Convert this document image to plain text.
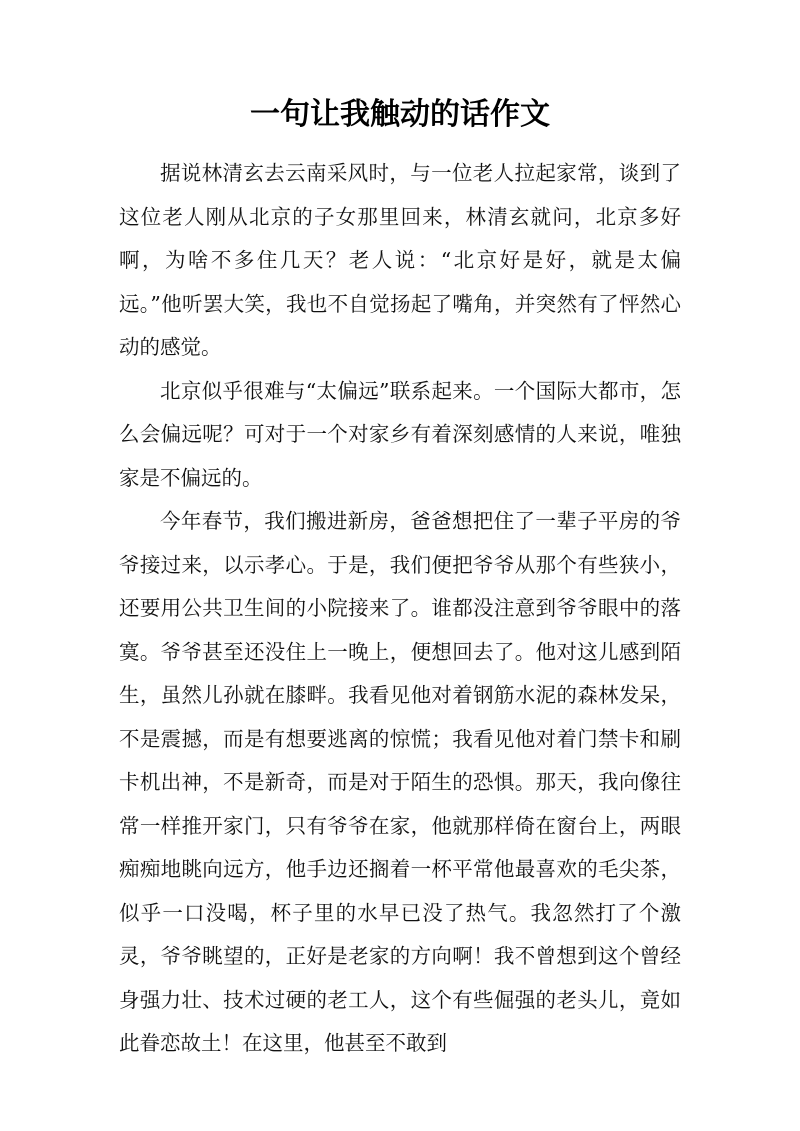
一句让我触动的话作文

据说林清玄去云南采风时，与一位老人拉起家常，谈到了这位老人刚从北京的子女那里回来，林清玄就问，北京多好啊，为啥不多住几天？老人说：“北京好是好，就是太偏远。”他听罢大笑，我也不自觉扬起了嘴角，并突然有了怦然心动的感觉。

北京似乎很难与“太偏远”联系起来。一个国际大都市，怎么会偏远呢？可对于一个对家乡有着深刻感情的人来说，唯独家是不偏远的。

今年春节，我们搬进新房，爸爸想把住了一辈子平房的爷爷接过来，以示孝心。于是，我们便把爷爷从那个有些狭小，还要用公共卫生间的小院接来了。谁都没注意到爷爷眼中的落寞。爷爷甚至还没住上一晚上，便想回去了。他对这儿感到陌生，虽然儿孙就在膝畔。我看见他对着钢筋水泥的森林发呆，不是震撼，而是有想要逃离的惊慌；我看见他对着门禁卡和刷卡机出神，不是新奇，而是对于陌生的恐惧。那天，我向像往常一样推开家门，只有爷爷在家，他就那样倚在窗台上，两眼痴痴地眺向远方，他手边还搁着一杯平常他最喜欢的毛尖茶，似乎一口没喝，杯子里的水早已没了热气。我忽然打了个激灵，爷爷眺望的，正好是老家的方向啊！我不曾想到这个曾经身强力壮、技术过硬的老工人，这个有些倔强的老头儿，竟如此眷恋故土！在这里，他甚至不敢到
